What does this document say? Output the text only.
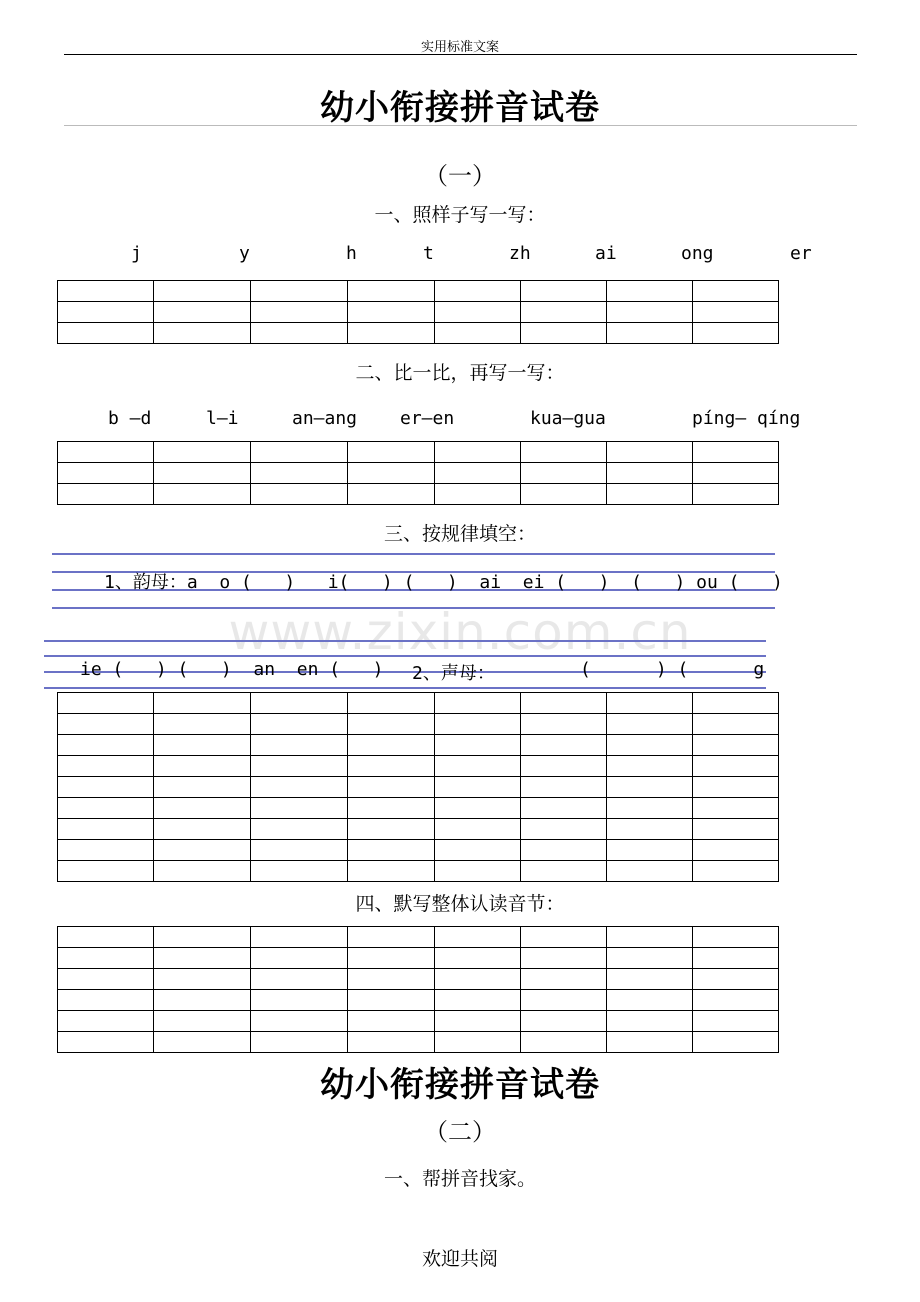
实用标准文案
幼小衔接拼音试卷
（一）
一、照样子写一写：
j	y	h	t	zh	ai	ong	er

二、比一比，再写一写：
b —d	l—i	an—ang er—en	kua—gua	píng— qíng

三、按规律填空：
1、韵母：a  o (   )   i(   ) (   )  ai  ei (   )  (   ) ou (   )
www.zixin.com.cn
ie (   ) (   )  an  en (   ) 2、声母：	(      ) (      g

四、默写整体认读音节：

幼小衔接拼音试卷
（二）
一、帮拼音找家。
欢迎共阅
